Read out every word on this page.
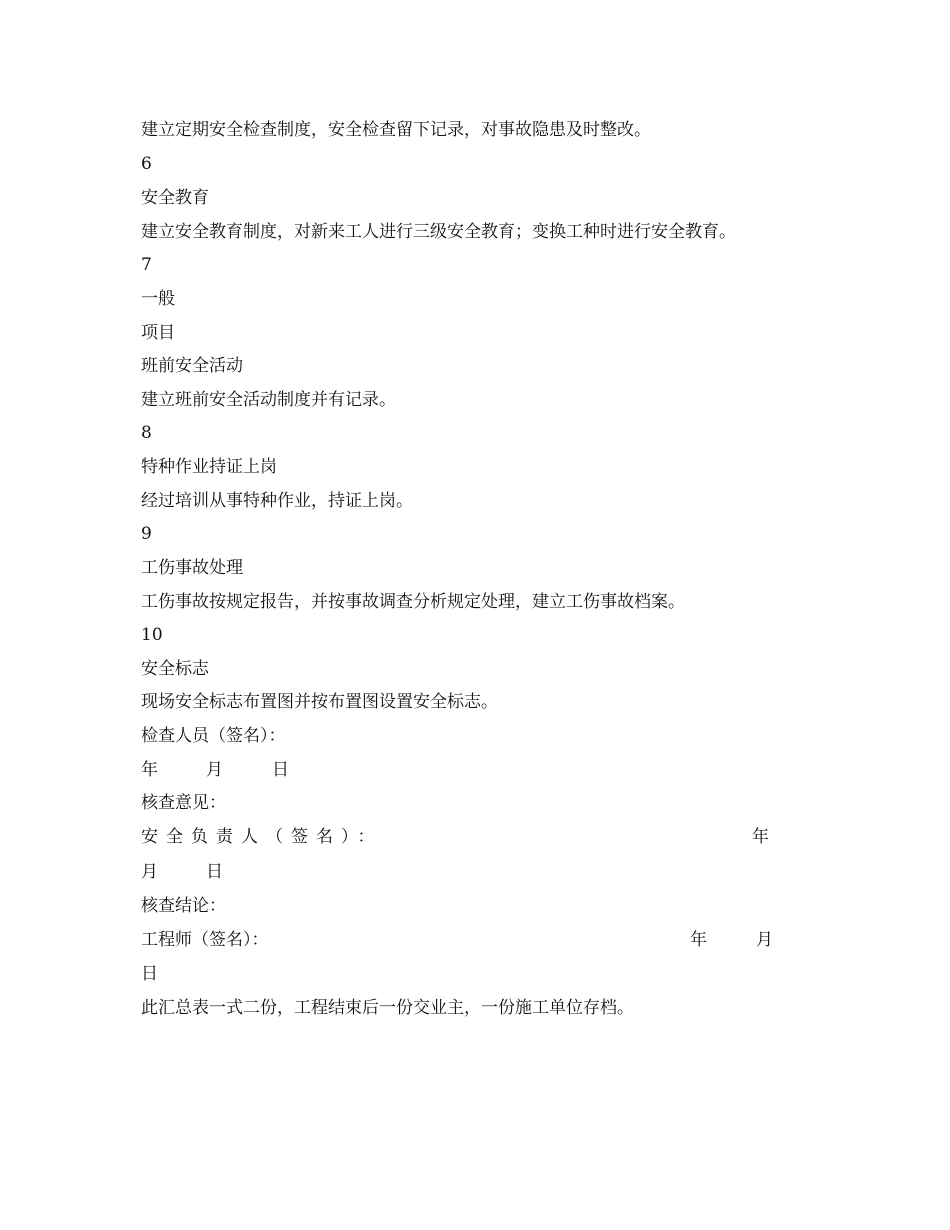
建立定期安全检查制度，安全检查留下记录，对事故隐患及时整改。
6
安全教育
建立安全教育制度，对新来工人进行三级安全教育；变换工种时进行安全教育。
7
一般
项目
班前安全活动
建立班前安全活动制度并有记录。
8
特种作业持证上岗
经过培训从事特种作业，持证上岗。
9
工伤事故处理
工伤事故按规定报告，并按事故调查分析规定处理，建立工伤事故档案。
10
安全标志
现场安全标志布置图并按布置图设置安全标志。
检查人员（签名）：
年	月	日
核查意见：
安全负责人（签名）：	年
月	日
核查结论：
工程师（签名）：	年	月
日
此汇总表一式二份，工程结束后一份交业主，一份施工单位存档。
